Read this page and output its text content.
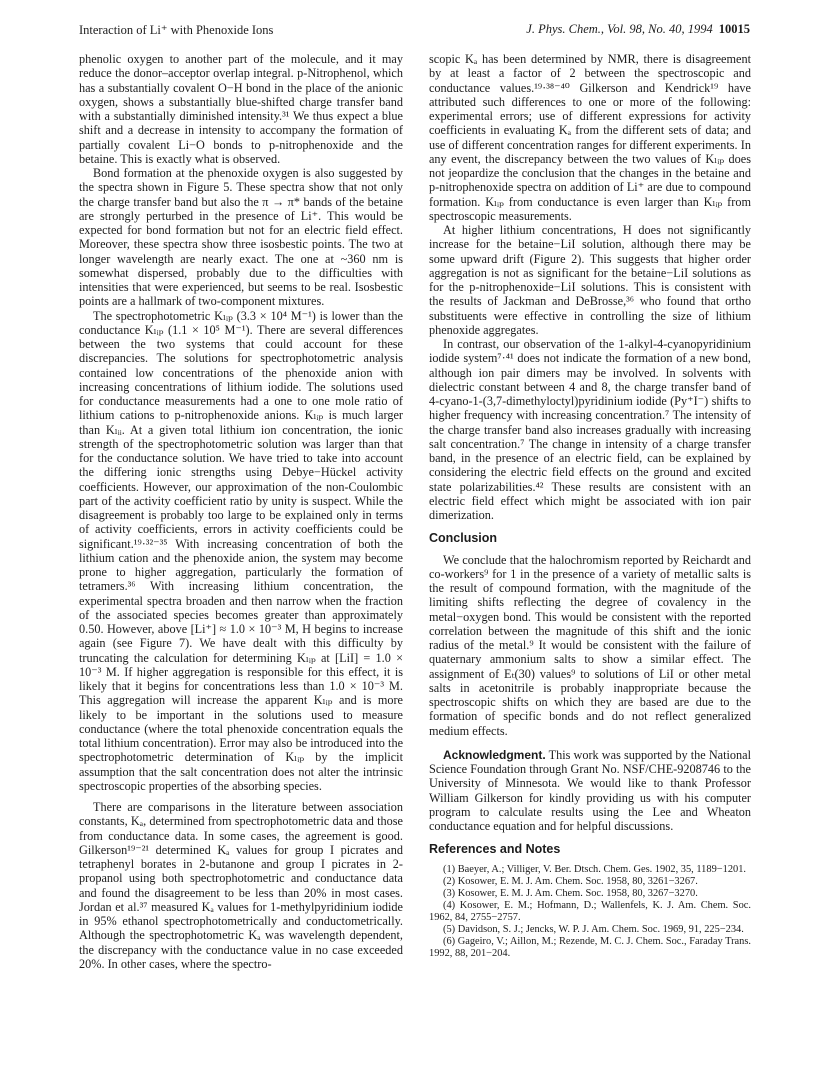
Interaction of Li⁺ with Phenoxide Ions	J. Phys. Chem., Vol. 98, No. 40, 1994 10015

phenolic oxygen to another part of the molecule, and it may reduce the donor–acceptor overlap integral. p-Nitrophenol, which has a substantially covalent O−H bond in the place of the anionic oxygen, shows a substantially blue-shifted charge transfer band with a substantially diminished intensity.³¹ We thus expect a blue shift and a decrease in intensity to accompany the formation of partially covalent Li−O bonds to p-nitrophenoxide and the betaine. This is exactly what is observed.

Bond formation at the phenoxide oxygen is also suggested by the spectra shown in Figure 5. These spectra show that not only the charge transfer band but also the π → π* bands of the betaine are strongly perturbed in the presence of Li⁺. This would be expected for bond formation but not for an electric field effect. Moreover, these spectra show three isosbestic points. The two at longer wavelength are nearly exact. The one at ~360 nm is somewhat dispersed, probably due to the difficulties with intensities that were experienced, but seems to be real. Isosbestic points are a hallmark of two-component mixtures.

The spectrophotometric Kₗᵢₚ (3.3 × 10⁴ M⁻¹) is lower than the conductance Kₗᵢₚ (1.1 × 10⁵ M⁻¹). There are several differences between the two systems that could account for these discrepancies. The solutions for spectrophotometric analysis contained low concentrations of the phenoxide anion with increasing concentrations of lithium iodide. The solutions used for conductance measurements had a one to one mole ratio of lithium cations to p-nitrophenoxide anions. Kₗᵢₚ is much larger than Kₗᵢᵢ. At a given total lithium ion concentration, the ionic strength of the spectrophotometric solution was larger than that for the conductance solution. We have tried to take into account the differing ionic strengths using Debye−Hückel activity coefficients. However, our approximation of the non-Coulombic part of the activity coefficient ratio by unity is suspect. While the disagreement is probably too large to be explained only in terms of activity coefficients, errors in activity coefficients could be significant.¹⁹·³²⁻³⁵ With increasing concentration of both the lithium cation and the phenoxide anion, the system may become prone to higher aggregation, particularly the formation of tetramers.³⁶ With increasing lithium concentration, the experimental spectra broaden and then narrow when the fraction of the associated species becomes greater than approximately 0.50. However, above [Li⁺] ≈ 1.0 × 10⁻³ M, H begins to increase again (see Figure 7). We have dealt with this difficulty by truncating the calculation for determining Kₗᵢₚ at [LiI] = 1.0 × 10⁻³ M. If higher aggregation is responsible for this effect, it is likely that it begins for concentrations less than 1.0 × 10⁻³ M. This aggregation will increase the apparent Kₗᵢₚ and is more likely to be important in the solutions used to measure conductance (where the total phenoxide concentration equals the total lithium concentration). Error may also be introduced into the spectrophotometric determination of Kₗᵢₚ by the implicit assumption that the salt concentration does not alter the intrinsic spectroscopic properties of the absorbing species.

There are comparisons in the literature between association constants, Kₐ, determined from spectrophotometric data and those from conductance data. In some cases, the agreement is good. Gilkerson¹⁹⁻²¹ determined Kₐ values for group I picrates and tetraphenyl borates in 2-butanone and group I picrates in 2-propanol using both spectrophotometric and conductance data and found the disagreement to be less than 20% in most cases. Jordan et al.³⁷ measured Kₐ values for 1-methylpyridinium iodide in 95% ethanol spectrophotometrically and conductometrically. Although the spectrophotometric Kₐ was wavelength dependent, the discrepancy with the conductance value in no case exceeded 20%. In other cases, where the spectro-

scopic Kₐ has been determined by NMR, there is disagreement by at least a factor of 2 between the spectroscopic and conductance values.¹⁹·³⁸⁻⁴⁰ Gilkerson and Kendrick¹⁹ have attributed such differences to one or more of the following: experimental errors; use of different expressions for activity coefficients in evaluating Kₐ from the different sets of data; and use of different concentration ranges for different experiments. In any event, the discrepancy between the two values of Kₗᵢₚ does not jeopardize the conclusion that the changes in the betaine and p-nitrophenoxide spectra on addition of Li⁺ are due to compound formation. Kₗᵢₚ from conductance is even larger than Kₗᵢₚ from spectroscopic measurements.

At higher lithium concentrations, H does not significantly increase for the betaine−LiI solution, although there may be some upward drift (Figure 2). This suggests that higher order aggregation is not as significant for the betaine−LiI solutions as for the p-nitrophenoxide−LiI solutions. This is consistent with the results of Jackman and DeBrosse,³⁶ who found that ortho substituents were effective in controlling the size of lithium phenoxide aggregates.

In contrast, our observation of the 1-alkyl-4-cyanopyridinium iodide system⁷·⁴¹ does not indicate the formation of a new bond, although ion pair dimers may be involved. In solvents with dielectric constant between 4 and 8, the charge transfer band of 4-cyano-1-(3,7-dimethyloctyl)pyridinium iodide (Py⁺I⁻) shifts to higher frequency with increasing concentration.⁷ The intensity of the charge transfer band also increases gradually with increasing salt concentration.⁷ The change in intensity of a charge transfer band, in the presence of an electric field, can be explained by considering the electric field effects on the ground and excited state polarizabilities.⁴² These results are consistent with an electric field effect which might be associated with ion pair dimerization.

Conclusion

We conclude that the halochromism reported by Reichardt and co-workers⁹ for 1 in the presence of a variety of metallic salts is the result of compound formation, with the magnitude of the limiting shifts reflecting the degree of covalency in the metal−oxygen bond. This would be consistent with the reported correlation between the magnitude of this shift and the ionic radius of the metal.⁹ It would be consistent with the failure of quaternary ammonium salts to show a similar effect. The assignment of Eₜ(30) values⁹ to solutions of LiI or other metal salts in acetonitrile is probably inappropriate because the spectroscopic shifts on which they are based are due to the formation of specific bonds and do not reflect generalized medium effects.

Acknowledgment. This work was supported by the National Science Foundation through Grant No. NSF/CHE-9208746 to the University of Minnesota. We would like to thank Professor William Gilkerson for kindly providing us with his computer program to calculate results using the Lee and Wheaton conductance equation and for helpful discussions.

References and Notes

(1) Baeyer, A.; Villiger, V. Ber. Dtsch. Chem. Ges. 1902, 35, 1189−1201.

(2) Kosower, E. M. J. Am. Chem. Soc. 1958, 80, 3261−3267.

(3) Kosower, E. M. J. Am. Chem. Soc. 1958, 80, 3267−3270.

(4) Kosower, E. M.; Hofmann, D.; Wallenfels, K. J. Am. Chem. Soc. 1962, 84, 2755−2757.

(5) Davidson, S. J.; Jencks, W. P. J. Am. Chem. Soc. 1969, 91, 225−234.

(6) Gageiro, V.; Aillon, M.; Rezende, M. C. J. Chem. Soc., Faraday Trans. 1992, 88, 201−204.
